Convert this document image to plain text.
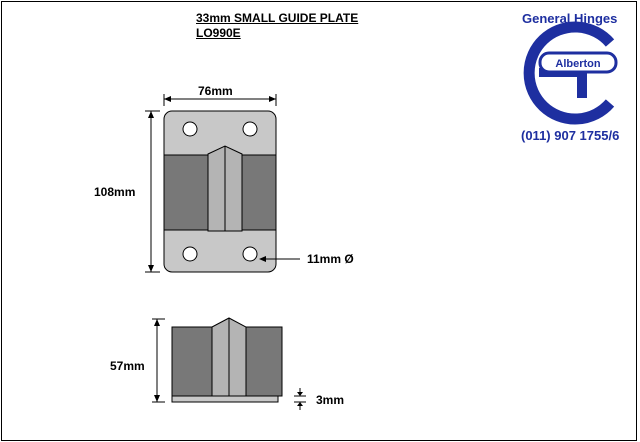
33mm SMALL GUIDE PLATE
LO990E
General Hinges
(011) 907 1755/6
Alberton
76mm
108mm
11mm Ø
57mm
3mm
